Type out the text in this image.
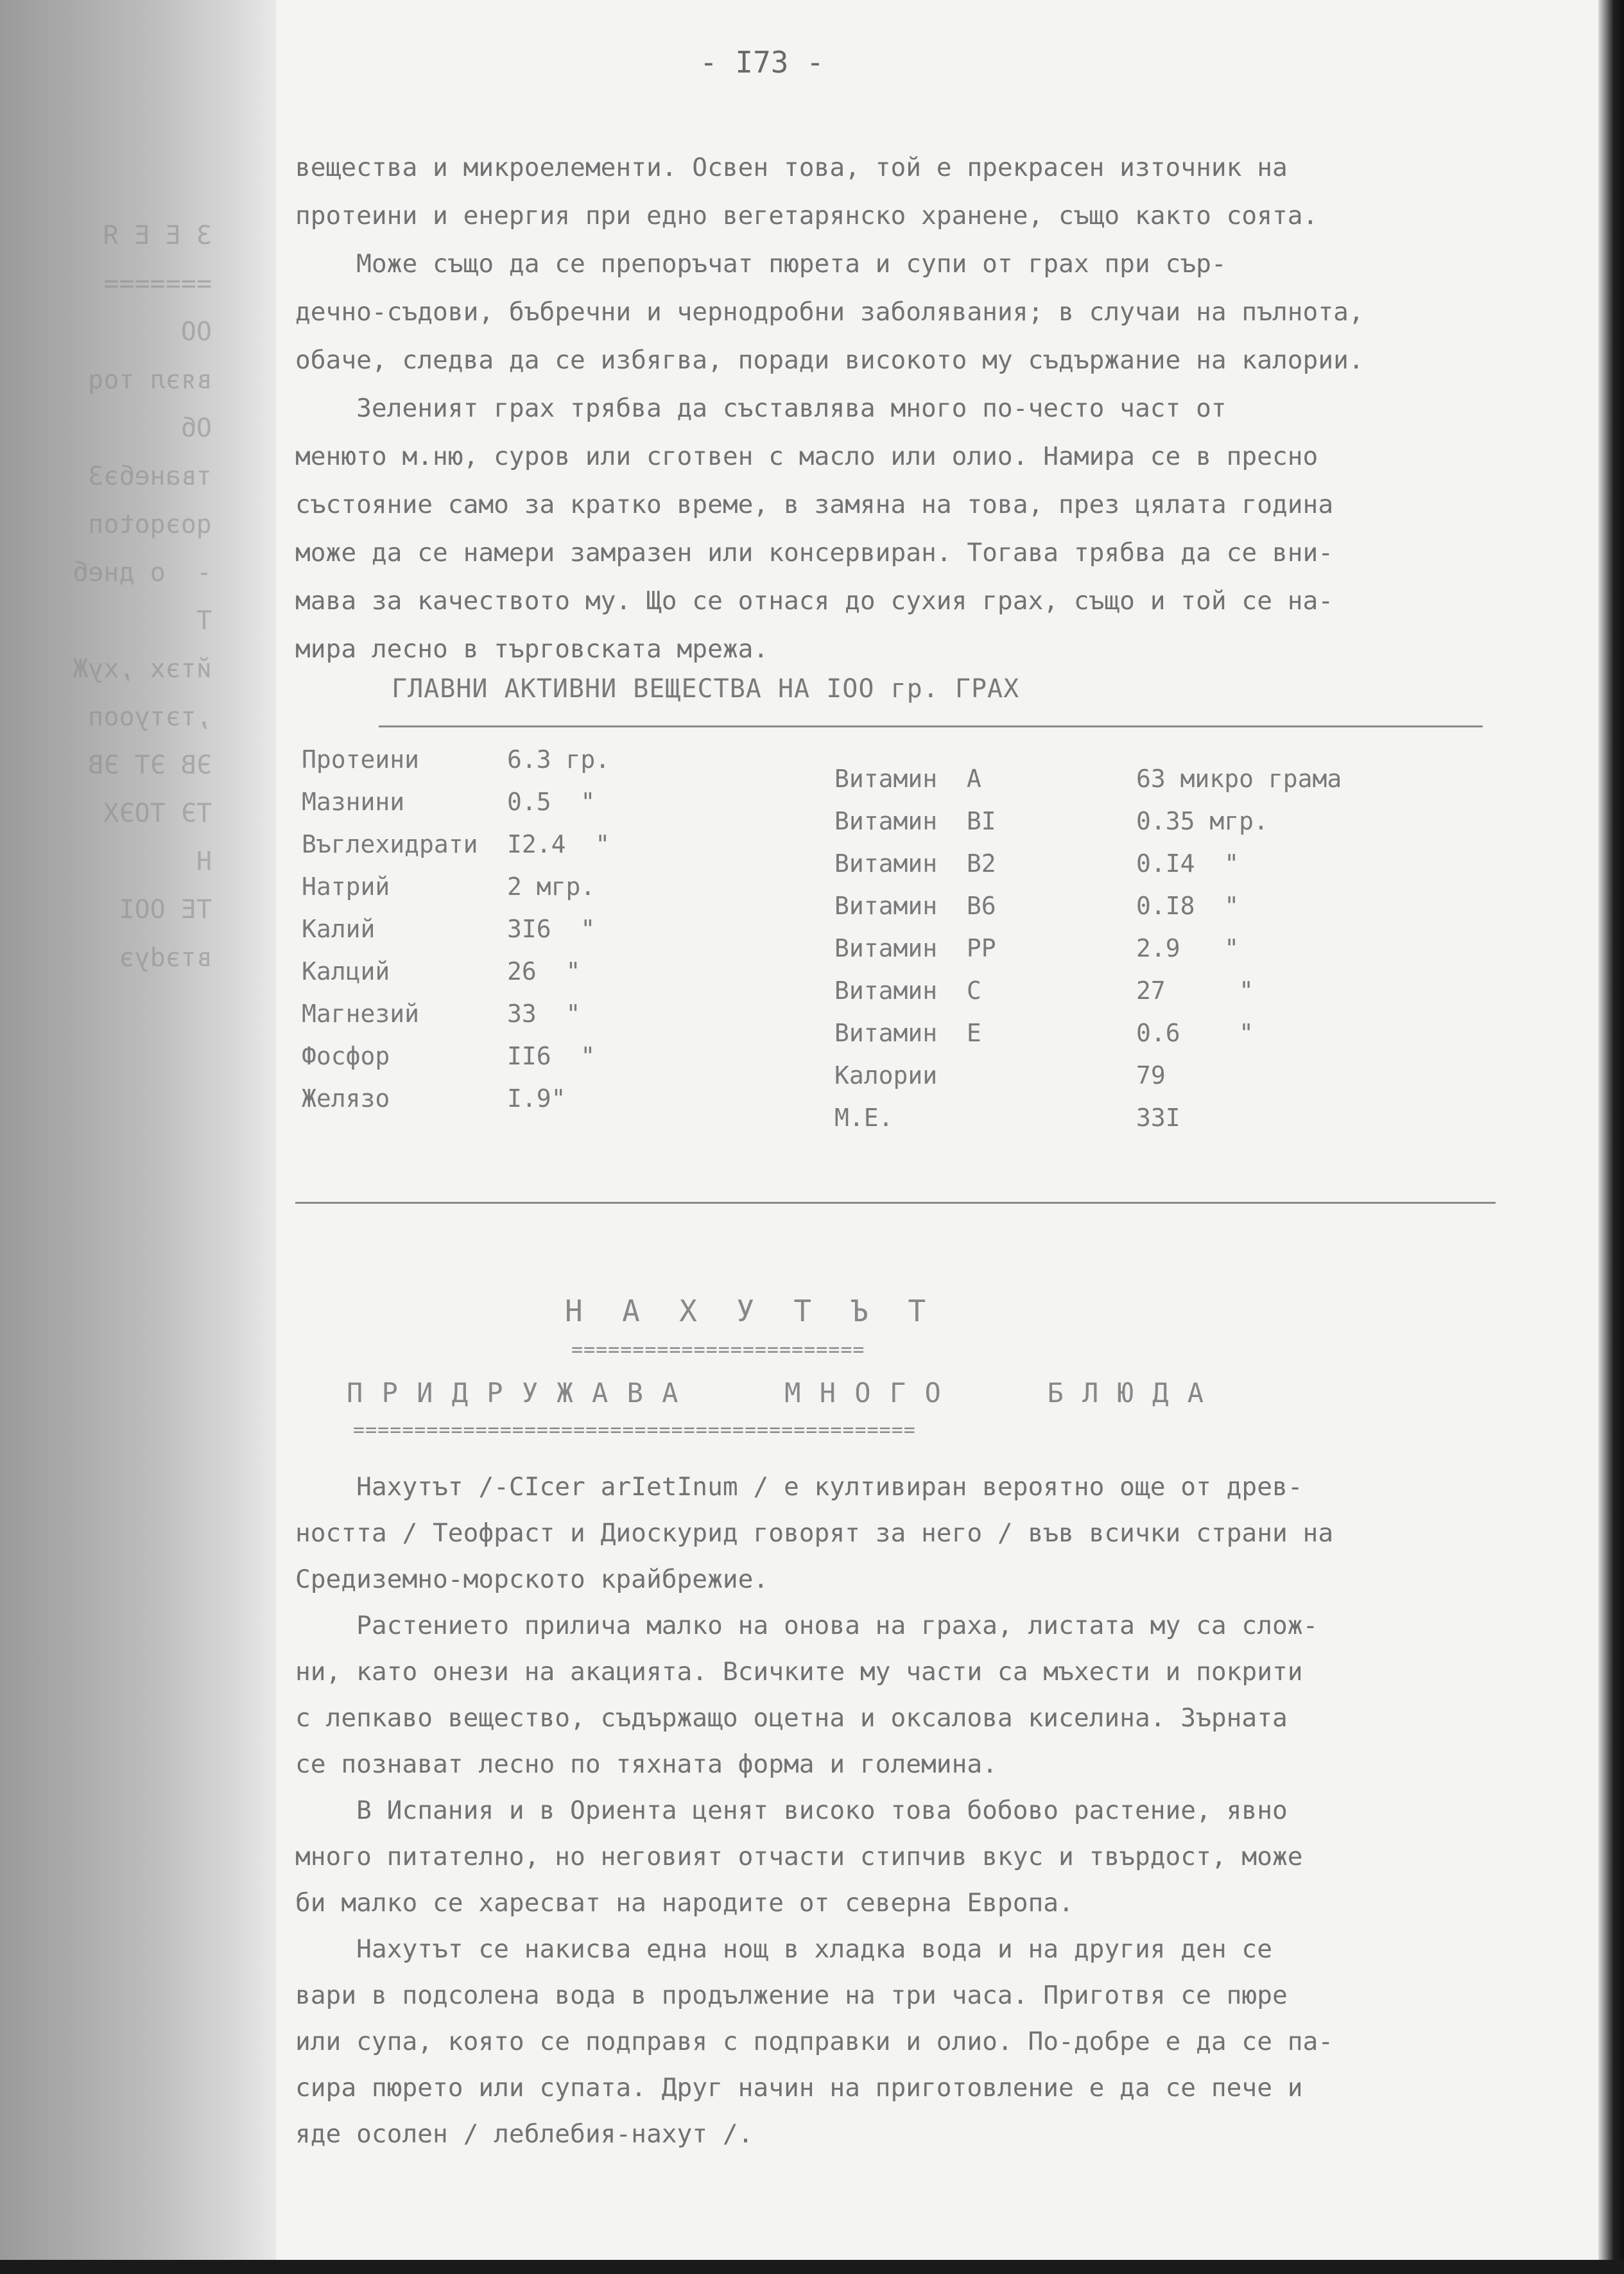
3 E E Я
=======
ОО
вяэл тоq
Об
тванебэЗ
qоэqоtоп
-  о днеб
Т
йтэх ,хуЖ
,тэтуооп
ЭВ ЭТ ЭВ
ТЭ ТОЭХ
Н
ТЕ OOI
втэdуэ
- I73 -
вещества и микроелементи. Освен това, той е прекрасен източник на
протеини и енергия при едно вегетарянско хранене, също както соята.
Може също да се препоръчат пюрета и супи от грах при сър-
дечно-съдови, бъбречни и чернодробни заболявания; в случаи на пълнота,
обаче, следва да се избягва, поради високото му съдържание на калории.
Зеленият грах трябва да съставлява много по-често част от
менюто м.ню, суров или сготвен с масло или олио. Намира се в пресно
състояние само за кратко време, в замяна на това, през цялата година
може да се намери замразен или консервиран. Тогава трябва да се вни-
мава за качеството му. Що се отнася до сухия грах, също и той се на-
мира лесно в търговската мрежа.
ГЛАВНИ АКТИВНИ ВЕЩЕСТВА НА IOO гр. ГРАХ
Протеини
Мазнини
Въглехидрати
Натрий
Калий
Калций
Магнезий
Фосфор
Желязо
6.3 гр.
0.5  "
I2.4  "
2 мгр.
3I6  "
26  "
33  "
II6  "
I.9"
Витамин  А
Витамин  BI
Витамин  B2
Витамин  B6
Витамин  PP
Витамин  C
Витамин  E
Калории
М.Е.
63 микро грама
0.35 мгр.
0.I4  "
0.I8  "
2.9   "
27     "
0.6    "
79
33I
Н  А  Х  У  Т  Ъ  Т
========================
П Р И Д Р У Ж А В А      М Н О Г О      Б Л Ю Д А
==============================================
Нахутът /-CIcer arIetInum / е култивиран вероятно още от древ-
ността / Теофраст и Диоскурид говорят за него / във всички страни на
Средиземно-морското крайбрежие.
Растението прилича малко на онова на граха, листата му са слож-
ни, като онези на акацията. Всичките му части са мъхести и покрити
с лепкаво вещество, съдържащо оцетна и оксалова киселина. Зърната
се познават лесно по тяхната форма и големина.
В Испания и в Ориента ценят високо това бобово растение, явно
много питателно, но неговият отчасти стипчив вкус и твърдост, може
би малко се харесват на народите от северна Европа.
Нахутът се накисва една нощ в хладка вода и на другия ден се
вари в подсолена вода в продължение на три часа. Приготвя се пюре
или супа, която се подправя с подправки и олио. По-добре е да се па-
сира пюрето или супата. Друг начин на приготовление е да се пече и
яде осолен / леблебия-нахут /.
